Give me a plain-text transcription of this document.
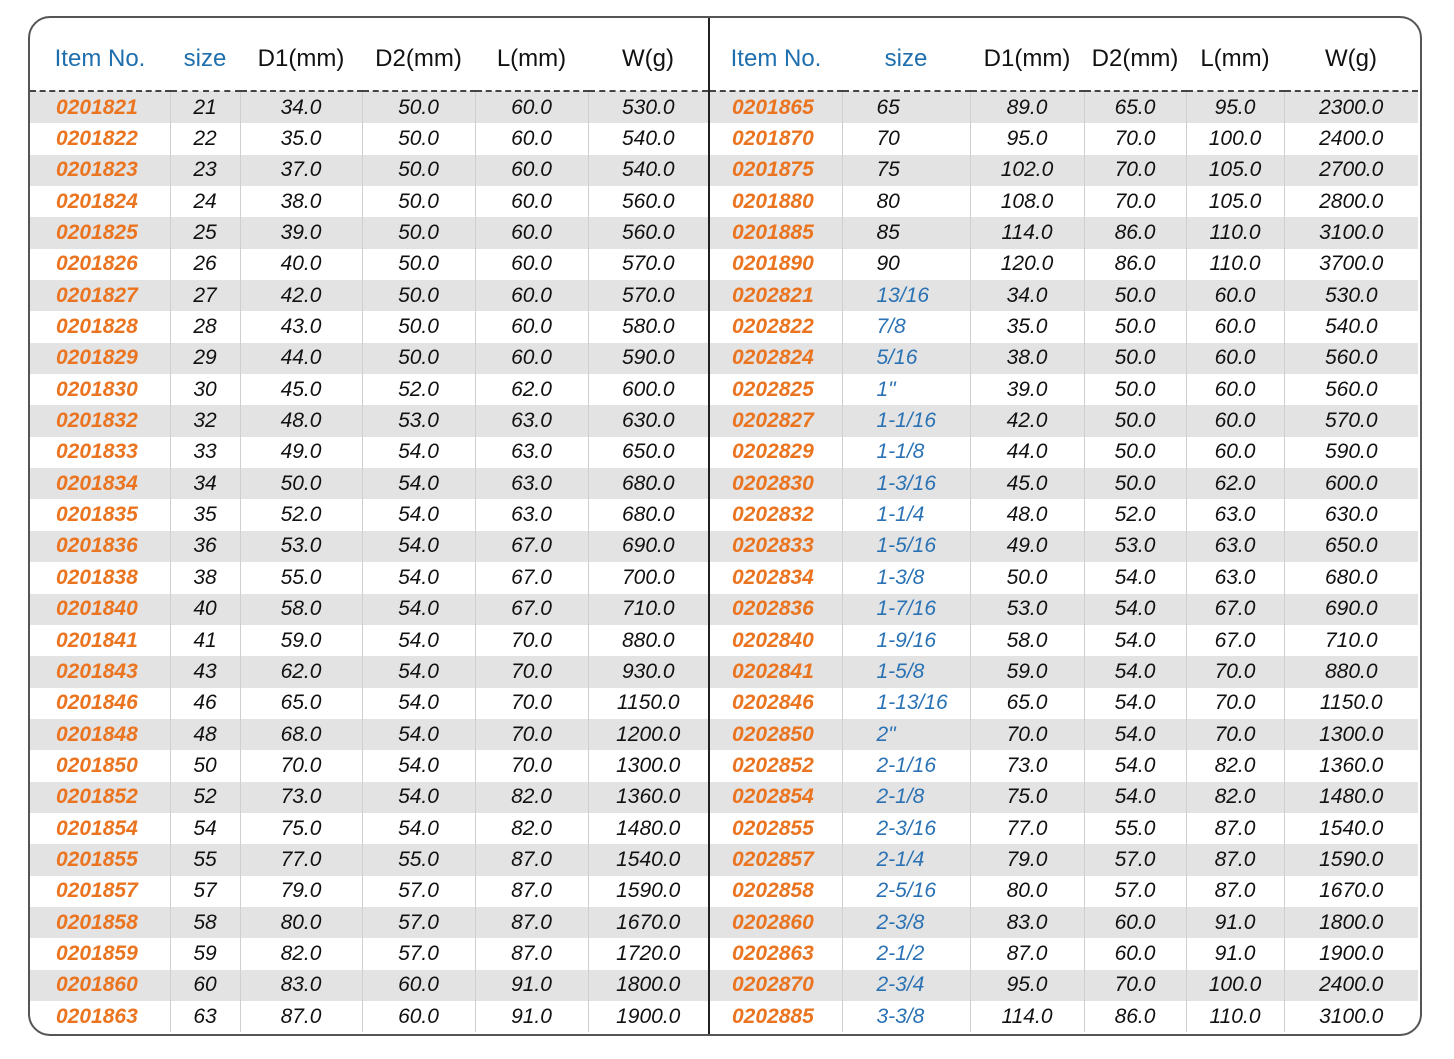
Item No.	size	D1(mm)	D2(mm)	L(mm)	W(g)
0201821	21	34.0	50.0	60.0	530.0
0201822	22	35.0	50.0	60.0	540.0
0201823	23	37.0	50.0	60.0	540.0
0201824	24	38.0	50.0	60.0	560.0
0201825	25	39.0	50.0	60.0	560.0
0201826	26	40.0	50.0	60.0	570.0
0201827	27	42.0	50.0	60.0	570.0
0201828	28	43.0	50.0	60.0	580.0
0201829	29	44.0	50.0	60.0	590.0
0201830	30	45.0	52.0	62.0	600.0
0201832	32	48.0	53.0	63.0	630.0
0201833	33	49.0	54.0	63.0	650.0
0201834	34	50.0	54.0	63.0	680.0
0201835	35	52.0	54.0	63.0	680.0
0201836	36	53.0	54.0	67.0	690.0
0201838	38	55.0	54.0	67.0	700.0
0201840	40	58.0	54.0	67.0	710.0
0201841	41	59.0	54.0	70.0	880.0
0201843	43	62.0	54.0	70.0	930.0
0201846	46	65.0	54.0	70.0	1150.0
0201848	48	68.0	54.0	70.0	1200.0
0201850	50	70.0	54.0	70.0	1300.0
0201852	52	73.0	54.0	82.0	1360.0
0201854	54	75.0	54.0	82.0	1480.0
0201855	55	77.0	55.0	87.0	1540.0
0201857	57	79.0	57.0	87.0	1590.0
0201858	58	80.0	57.0	87.0	1670.0
0201859	59	82.0	57.0	87.0	1720.0
0201860	60	83.0	60.0	91.0	1800.0
0201863	63	87.0	60.0	91.0	1900.0
Item No.	size	D1(mm)	D2(mm)	L(mm)	W(g)
0201865	65	89.0	65.0	95.0	2300.0
0201870	70	95.0	70.0	100.0	2400.0
0201875	75	102.0	70.0	105.0	2700.0
0201880	80	108.0	70.0	105.0	2800.0
0201885	85	114.0	86.0	110.0	3100.0
0201890	90	120.0	86.0	110.0	3700.0
0202821	13/16	34.0	50.0	60.0	530.0
0202822	7/8	35.0	50.0	60.0	540.0
0202824	5/16	38.0	50.0	60.0	560.0
0202825	1"	39.0	50.0	60.0	560.0
0202827	1-1/16	42.0	50.0	60.0	570.0
0202829	1-1/8	44.0	50.0	60.0	590.0
0202830	1-3/16	45.0	50.0	62.0	600.0
0202832	1-1/4	48.0	52.0	63.0	630.0
0202833	1-5/16	49.0	53.0	63.0	650.0
0202834	1-3/8	50.0	54.0	63.0	680.0
0202836	1-7/16	53.0	54.0	67.0	690.0
0202840	1-9/16	58.0	54.0	67.0	710.0
0202841	1-5/8	59.0	54.0	70.0	880.0
0202846	1-13/16	65.0	54.0	70.0	1150.0
0202850	2"	70.0	54.0	70.0	1300.0
0202852	2-1/16	73.0	54.0	82.0	1360.0
0202854	2-1/8	75.0	54.0	82.0	1480.0
0202855	2-3/16	77.0	55.0	87.0	1540.0
0202857	2-1/4	79.0	57.0	87.0	1590.0
0202858	2-5/16	80.0	57.0	87.0	1670.0
0202860	2-3/8	83.0	60.0	91.0	1800.0
0202863	2-1/2	87.0	60.0	91.0	1900.0
0202870	2-3/4	95.0	70.0	100.0	2400.0
0202885	3-3/8	114.0	86.0	110.0	3100.0
